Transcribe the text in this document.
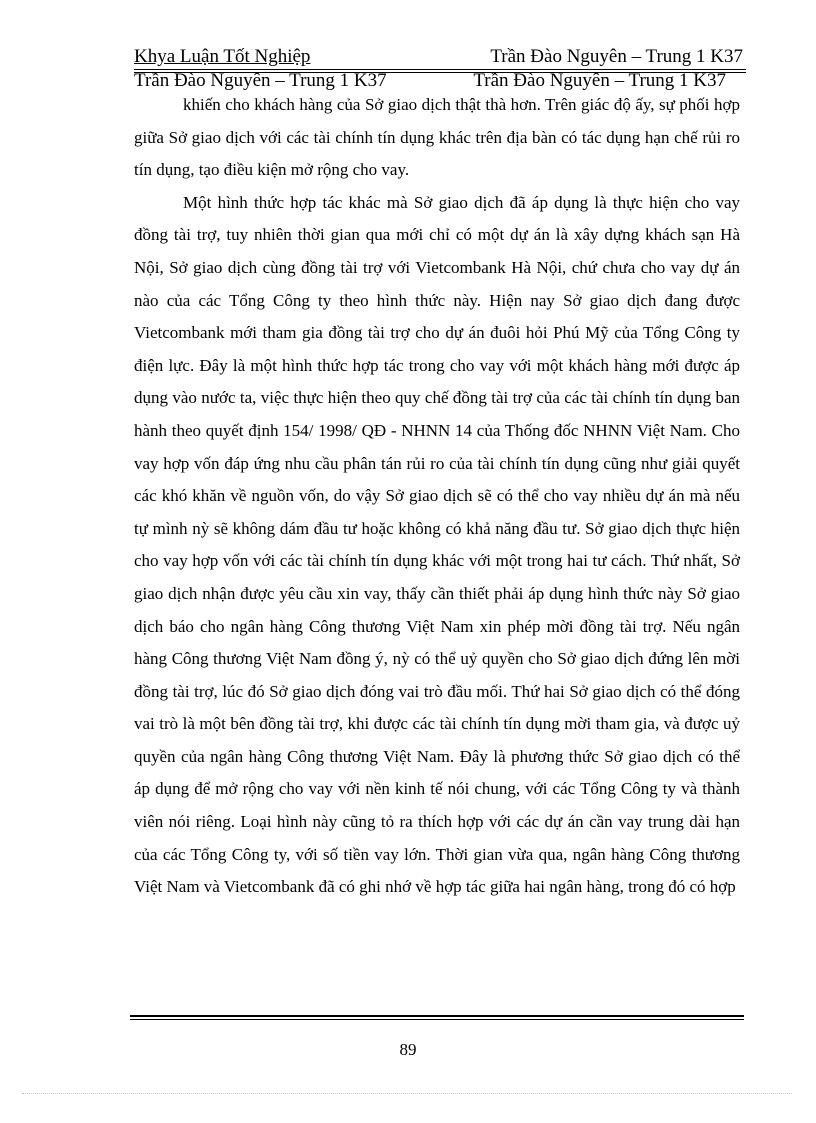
Khya Luận Tốt Nghiệp	Trần Đào Nguyên – Trung 1 K37
Trần Đào Nguyên – Trung 1 K37	Trần Đào Nguyên – Trung 1 K37

khiến cho khách hàng của Sở giao dịch thật thà hơn. Trên giác độ ấy, sự phối hợp giữa Sở giao dịch với các tài chính tín dụng khác trên địa bàn có tác dụng hạn chế rủi ro tín dụng, tạo điều kiện mở rộng cho vay.

Một hình thức hợp tác khác mà Sở giao dịch đã áp dụng là thực hiện cho vay đồng tài trợ, tuy nhiên thời gian qua mới chỉ có một dự án là xây dựng khách sạn Hà Nội, Sở giao dịch cùng đồng tài trợ với Vietcombank Hà Nội, chứ chưa cho vay dự án nào của các Tổng Công ty theo hình thức này. Hiện nay Sở giao dịch đang được Vietcombank mới tham gia đồng tài trợ cho dự án đuôi hỏi Phú Mỹ của Tổng Công ty điện lực. Đây là một hình thức hợp tác trong cho vay với một khách hàng mới được áp dụng vào nước ta, việc thực hiện theo quy chế đồng tài trợ của các tài chính tín dụng ban hành theo quyết định 154/ 1998/ QĐ - NHNN 14 của Thống đốc NHNN Việt Nam. Cho vay hợp vốn đáp ứng nhu cầu phân tán rủi ro của tài chính tín dụng cũng như giải quyết các khó khăn về nguồn vốn, do vậy Sở giao dịch sẽ có thể cho vay nhiều dự án mà nếu tự mình nỳ sẽ không dám đầu tư hoặc không có khả năng đầu tư. Sở giao dịch thực hiện cho vay hợp vốn với các tài chính tín dụng khác với một trong hai tư cách. Thứ nhất, Sở giao dịch nhận được yêu cầu xin vay, thấy cần thiết phải áp dụng hình thức này Sở giao dịch báo cho ngân hàng Công thương Việt Nam xin phép mời đồng tài trợ. Nếu ngân hàng Công thương Việt Nam đồng ý, nỳ có thể uỷ quyền cho Sở giao dịch đứng lên mời đồng tài trợ, lúc đó Sở giao dịch đóng vai trò đầu mối. Thứ hai Sở giao dịch có thể đóng vai trò là một bên đồng tài trợ, khi được các tài chính tín dụng mời tham gia, và được uỷ quyền của ngân hàng Công thương Việt Nam. Đây là phương thức Sở giao dịch có thể áp dụng để mở rộng cho vay với nền kinh tế nói chung, với các Tổng Công ty và thành viên nói riêng. Loại hình này cũng tỏ ra thích hợp với các dự án cần vay trung dài hạn của các Tổng Công ty, với số tiền vay lớn. Thời gian vừa qua, ngân hàng Công thương Việt Nam và Vietcombank đã có ghi nhớ về hợp tác giữa hai ngân hàng, trong đó có hợp

89
